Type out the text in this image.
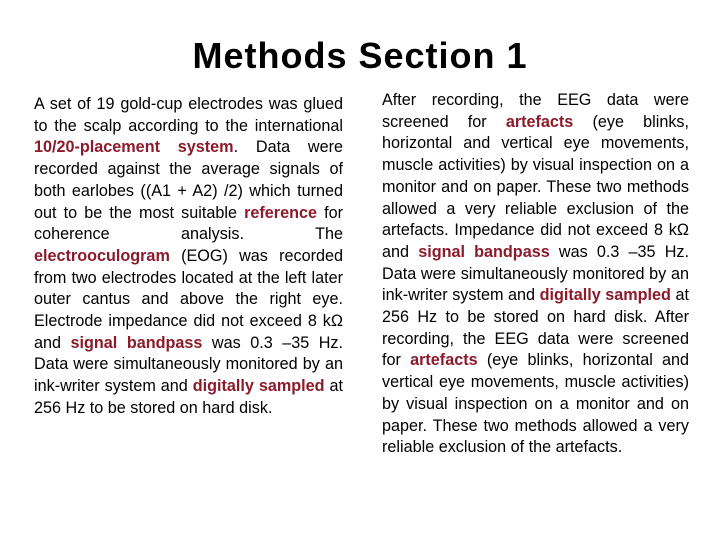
Methods Section 1
A set of 19 gold-cup electrodes was glued to the scalp according to the international 10/20-placement system. Data were recorded against the average signals of both earlobes ((A1 + A2) /2) which turned out to be the most suitable reference for coherence analysis. The electrooculogram (EOG) was recorded from two electrodes located at the left later outer cantus and above the right eye. Electrode impedance did not exceed 8 kΩ and signal bandpass was 0.3 –35 Hz. Data were simultaneously monitored by an ink-writer system and digitally sampled at 256 Hz to be stored on hard disk.
After recording, the EEG data were screened for artefacts (eye blinks, horizontal and vertical eye movements, muscle activities) by visual inspection on a monitor and on paper. These two methods allowed a very reliable exclusion of the artefacts. Impedance did not exceed 8 kΩ and signal bandpass was 0.3 –35 Hz. Data were simultaneously monitored by an ink-writer system and digitally sampled at 256 Hz to be stored on hard disk. After recording, the EEG data were screened for artefacts (eye blinks, horizontal and vertical eye movements, muscle activities) by visual inspection on a monitor and on paper. These two methods allowed a very reliable exclusion of the artefacts.
